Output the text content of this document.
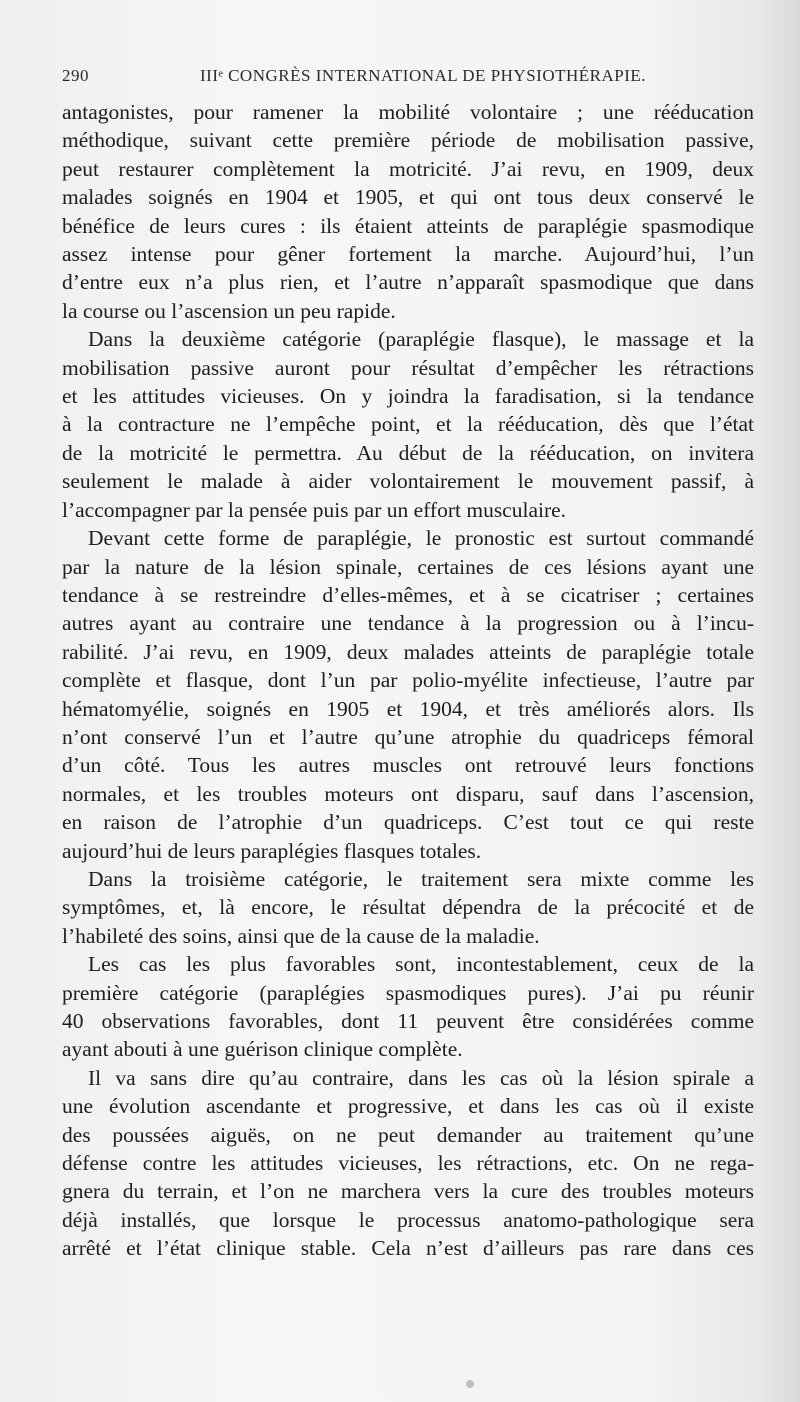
290	IIIᵉ CONGRÈS INTERNATIONAL DE PHYSIOTHÉRAPIE.
antagonistes, pour ramener la mobilité volontaire ; une rééducation
méthodique, suivant cette première période de mobilisation passive,
peut restaurer complètement la motricité. J’ai revu, en 1909, deux
malades soignés en 1904 et 1905, et qui ont tous deux conservé le
bénéfice de leurs cures : ils étaient atteints de paraplégie spasmodique
assez intense pour gêner fortement la marche. Aujourd’hui, l’un
d’entre eux n’a plus rien, et l’autre n’apparaît spasmodique que dans
la course ou l’ascension un peu rapide.
Dans la deuxième catégorie (paraplégie flasque), le massage et la
mobilisation passive auront pour résultat d’empêcher les rétractions
et les attitudes vicieuses. On y joindra la faradisation, si la tendance
à la contracture ne l’empêche point, et la rééducation, dès que l’état
de la motricité le permettra. Au début de la rééducation, on invitera
seulement le malade à aider volontairement le mouvement passif, à
l’accompagner par la pensée puis par un effort musculaire.
Devant cette forme de paraplégie, le pronostic est surtout commandé
par la nature de la lésion spinale, certaines de ces lésions ayant une
tendance à se restreindre d’elles-mêmes, et à se cicatriser ; certaines
autres ayant au contraire une tendance à la progression ou à l’incu-
rabilité. J’ai revu, en 1909, deux malades atteints de paraplégie totale
complète et flasque, dont l’un par polio-myélite infectieuse, l’autre par
hématomyélie, soignés en 1905 et 1904, et très améliorés alors. Ils
n’ont conservé l’un et l’autre qu’une atrophie du quadriceps fémoral
d’un côté. Tous les autres muscles ont retrouvé leurs fonctions
normales, et les troubles moteurs ont disparu, sauf dans l’ascension,
en raison de l’atrophie d’un quadriceps. C’est tout ce qui reste
aujourd’hui de leurs paraplégies flasques totales.
Dans la troisième catégorie, le traitement sera mixte comme les
symptômes, et, là encore, le résultat dépendra de la précocité et de
l’habileté des soins, ainsi que de la cause de la maladie.
Les cas les plus favorables sont, incontestablement, ceux de la
première catégorie (paraplégies spasmodiques pures). J’ai pu réunir
40 observations favorables, dont 11 peuvent être considérées comme
ayant abouti à une guérison clinique complète.
Il va sans dire qu’au contraire, dans les cas où la lésion spirale a
une évolution ascendante et progressive, et dans les cas où il existe
des poussées aiguës, on ne peut demander au traitement qu’une
défense contre les attitudes vicieuses, les rétractions, etc. On ne rega-
gnera du terrain, et l’on ne marchera vers la cure des troubles moteurs
déjà installés, que lorsque le processus anatomo-pathologique sera
arrêté et l’état clinique stable. Cela n’est d’ailleurs pas rare dans ces
